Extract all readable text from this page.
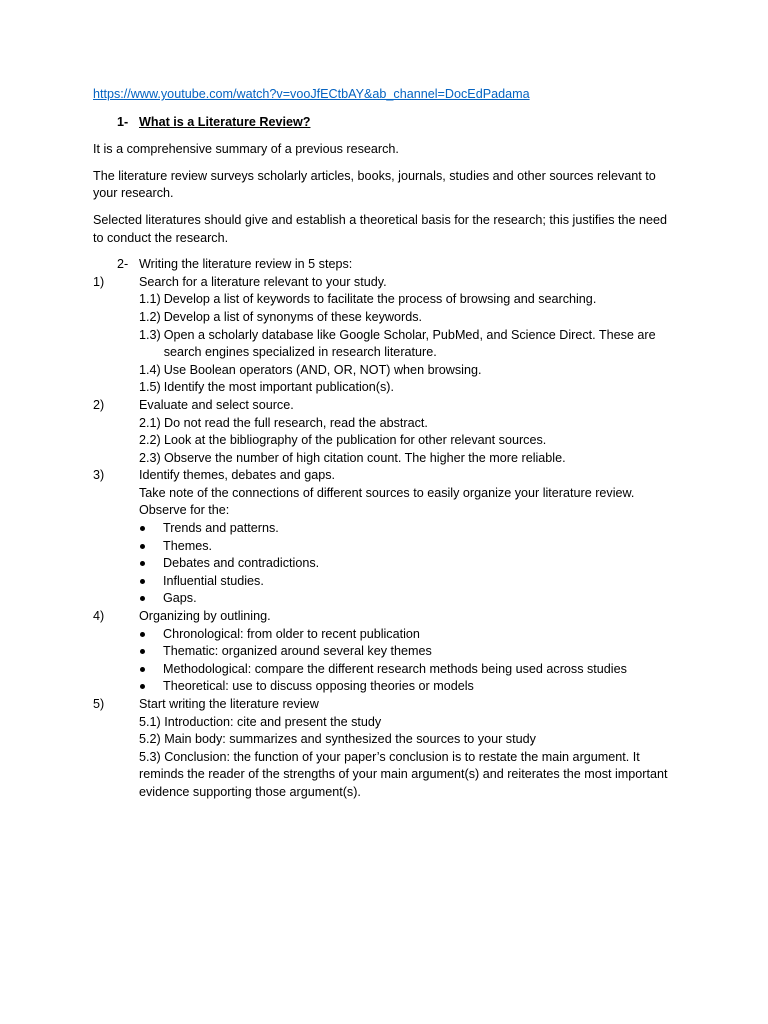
https://www.youtube.com/watch?v=vooJfECtbAY&ab_channel=DocEdPadama
1- What is a Literature Review?

It is a comprehensive summary of a previous research.

The literature review surveys scholarly articles, books, journals, studies and other sources relevant to your research.

Selected literatures should give and establish a theoretical basis for the research; this justifies the need to conduct the research.

2- Writing the literature review in 5 steps:
1)	Search for a literature relevant to your study.
1.1) Develop a list of keywords to facilitate the process of browsing and searching.
1.2) Develop a list of synonyms of these keywords.
1.3) Open a scholarly database like Google Scholar, PubMed, and Science Direct. These are search engines specialized in research literature.
1.4) Use Boolean operators (AND, OR, NOT) when browsing.
1.5) Identify the most important publication(s).
2)	Evaluate and select source.
2.1) Do not read the full research, read the abstract.
2.2) Look at the bibliography of the publication for other relevant sources.
2.3) Observe the number of high citation count. The higher the more reliable.
3)	Identify themes, debates and gaps.
Take note of the connections of different sources to easily organize your literature review. Observe for the:
Trends and patterns.
Themes.
Debates and contradictions.
Influential studies.
Gaps.
4)	Organizing by outlining.
Chronological: from older to recent publication
Thematic: organized around several key themes
Methodological: compare the different research methods being used across studies
Theoretical: use to discuss opposing theories or models
5)	Start writing the literature review
5.1) Introduction: cite and present the study
5.2) Main body: summarizes and synthesized the sources to your study
5.3) Conclusion: the function of your paper’s conclusion is to restate the main argument. It reminds the reader of the strengths of your main argument(s) and reiterates the most important evidence supporting those argument(s).
